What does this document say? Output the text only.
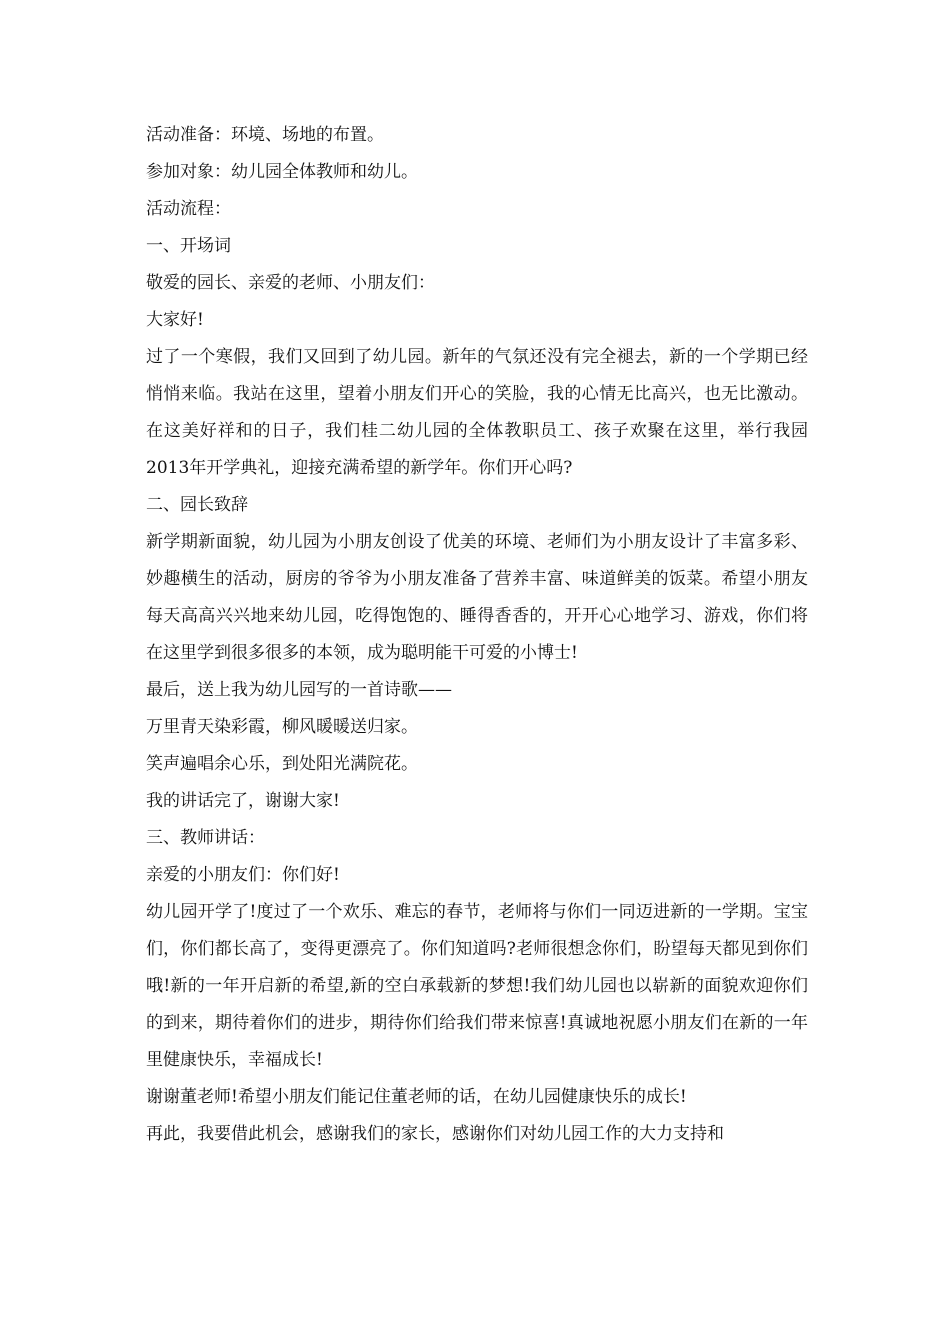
活动准备：环境、场地的布置。

参加对象：幼儿园全体教师和幼儿。

活动流程：

一、开场词

敬爱的园长、亲爱的老师、小朋友们：

大家好!

过了一个寒假，我们又回到了幼儿园。新年的气氛还没有完全褪去，新的一个学期已经悄悄来临。我站在这里，望着小朋友们开心的笑脸，我的心情无比高兴，也无比激动。在这美好祥和的日子，我们桂二幼儿园的全体教职员工、孩子欢聚在这里，举行我园2013年开学典礼，迎接充满希望的新学年。你们开心吗?

二、园长致辞

新学期新面貌，幼儿园为小朋友创设了优美的环境、老师们为小朋友设计了丰富多彩、妙趣横生的活动，厨房的爷爷为小朋友准备了营养丰富、味道鲜美的饭菜。希望小朋友每天高高兴兴地来幼儿园，吃得饱饱的、睡得香香的，开开心心地学习、游戏，你们将在这里学到很多很多的本领，成为聪明能干可爱的小博士!

最后，送上我为幼儿园写的一首诗歌——

万里青天染彩霞，柳风暖暖送归家。

笑声遍唱余心乐，到处阳光满院花。

我的讲话完了，谢谢大家!

三、教师讲话：

亲爱的小朋友们：你们好!

幼儿园开学了!度过了一个欢乐、难忘的春节，老师将与你们一同迈进新的一学期。宝宝们，你们都长高了，变得更漂亮了。你们知道吗?老师很想念你们，盼望每天都见到你们哦!新的一年开启新的希望,新的空白承载新的梦想!我们幼儿园也以崭新的面貌欢迎你们的到来，期待着你们的进步，期待你们给我们带来惊喜!真诚地祝愿小朋友们在新的一年里健康快乐，幸福成长!

谢谢董老师!希望小朋友们能记住董老师的话，在幼儿园健康快乐的成长!

再此，我要借此机会，感谢我们的家长，感谢你们对幼儿园工作的大力支持和
